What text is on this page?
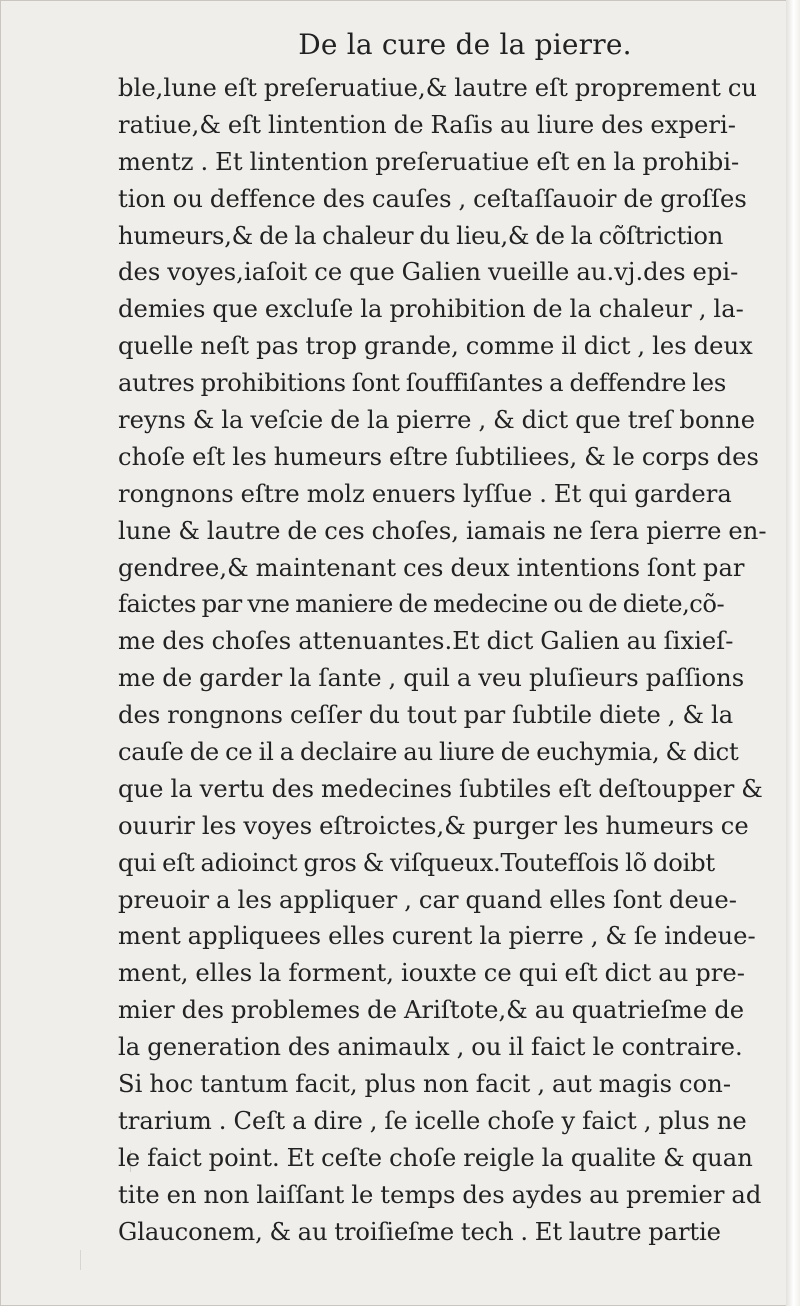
De la cure de la pierre.
ble,lune eſt preſeruatiue,& lautre eſt proprement cu
ratiue,& eſt lintention de Raſis au liure des experi-
mentz . Et lintention preſeruatiue eſt en la prohibi-
tion ou deffence des cauſes , ceſtaſſauoir de groſſes
humeurs,& de la chaleur du lieu,& de la cõſtriction
des voyes,iaſoit ce que Galien vueille au.vj.des epi-
demies que excluſe la prohibition de la chaleur , la-
quelle neſt pas trop grande, comme il dict , les deux
autres prohibitions ſont ſouffiſantes a deffendre les
reyns & la veſcie de la pierre , & dict que treſ bonne
choſe eſt les humeurs eſtre ſubtiliees, & le corps des
rongnons eſtre molz enuers lyſſue . Et qui gardera
lune & lautre de ces choſes, iamais ne ſera pierre en-
gendree,& maintenant ces deux intentions ſont par
faictes par vne maniere de medecine ou de diete,cõ-
me des choſes attenuantes.Et dict Galien au ſixieſ-
me de garder la ſante , quil a veu pluſieurs paſſions
des rongnons ceſſer du tout par ſubtile diete , & la
cauſe de ce il a declaire au liure de euchymia, & dict
que la vertu des medecines ſubtiles eſt deſtoupper &
ouurir les voyes eſtroictes,& purger les humeurs ce
qui eſt adioinct gros & viſqueux.Toutefſois lõ doibt
preuoir a les appliquer , car quand elles ſont deue-
ment appliquees elles curent la pierre , & ſe indeue-
ment, elles la forment, iouxte ce qui eſt dict au pre-
mier des problemes de Ariſtote,& au quatrieſme de
la generation des animaulx , ou il faict le contraire.
Si hoc tantum facit, plus non facit , aut magis con-
trarium . Ceſt a dire , ſe icelle choſe y faict , plus ne
le faict point. Et ceſte choſe reigle la qualite & quan
tite en non laiſſant le temps des aydes au premier ad
Glauconem, & au troiſieſme tech . Et lautre partie
